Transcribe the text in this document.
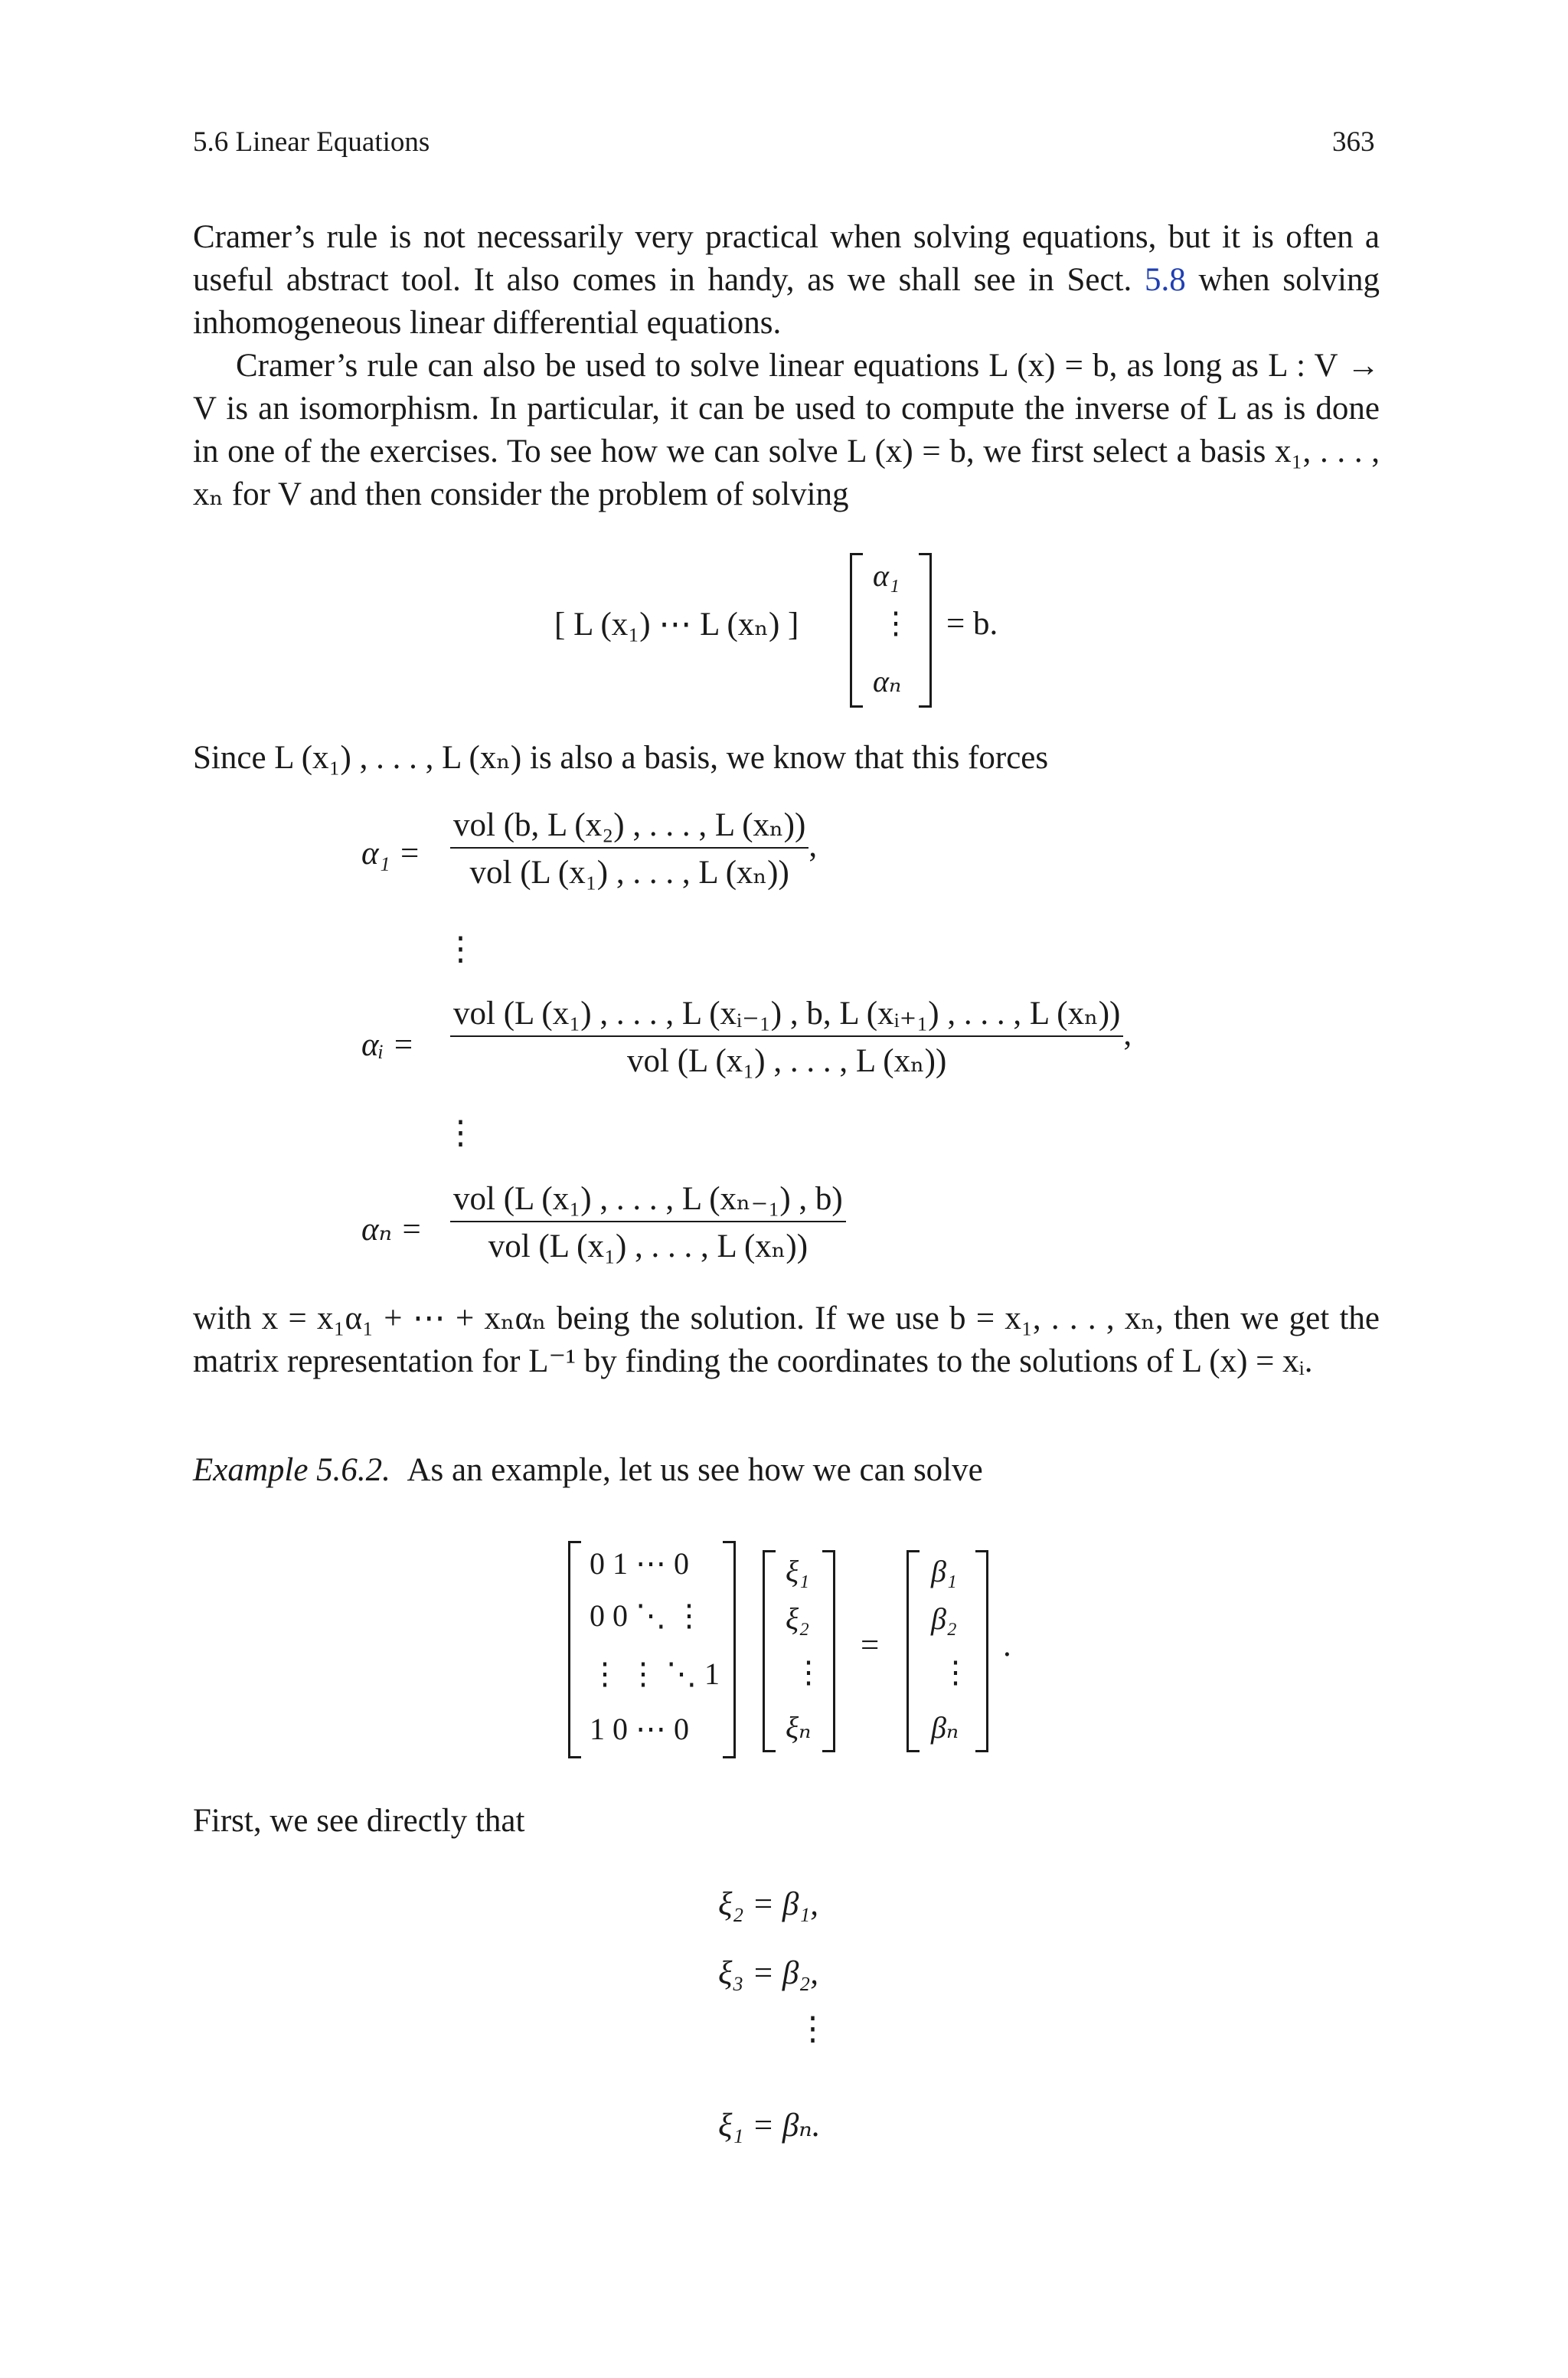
5.6 Linear Equations	363

Cramer’s rule is not necessarily very practical when solving equations, but it is often a useful abstract tool. It also comes in handy, as we shall see in Sect. 5.8 when solving inhomogeneous linear differential equations.

Cramer’s rule can also be used to solve linear equations L (x) = b, as long as L : V → V is an isomorphism. In particular, it can be used to compute the inverse of L as is done in one of the exercises. To see how we can solve L (x) = b, we first select a basis x₁, . . . , xₙ for V and then consider the problem of solving

[ L (x₁) ⋯ L (xₙ) ]
α₁
⋮
αₙ
= b.

Since L (x₁) , . . . , L (xₙ) is also a basis, we know that this forces

$\alpha_1 = \frac{\text{vol (b, L (x₂) , . . . , L (xₙ))}}{\text{vol (L (x₁) , . . . , L (xₙ))}}$ ,
⋮
αᵢ =
vol (L (x₁) , . . . , L (xᵢ₋₁) , b, L (xᵢ₊₁) , . . . , L (xₙ))
vol (L (x₁) , . . . , L (xₙ))
,
⋮
$\alpha_n = \frac{\text{vol (L (x₁) , . . . , L (xₙ₋₁) , b)}}{\text{vol (L (x₁) , . . . , L (xₙ))}}$

with x = x₁α₁ + ⋯ + xₙαₙ being the solution. If we use b = x₁, . . . , xₙ, then we get the matrix representation for L⁻¹ by finding the coordinates to the solutions of L (x) = xᵢ.

Example 5.6.2. As an example, let us see how we can solve

0 1 ⋯ 0
0 0 ⋱ ⋮
⋮ ⋮ ⋱ 1
1 0 ⋯ 0
ξ₁
ξ₂
⋮
ξₙ
=
β₁
β₂
⋮
βₙ
.

First, we see directly that

ξ₂ = β₁,
ξ₃ = β₂,
⋮
ξ₁ = βₙ.
